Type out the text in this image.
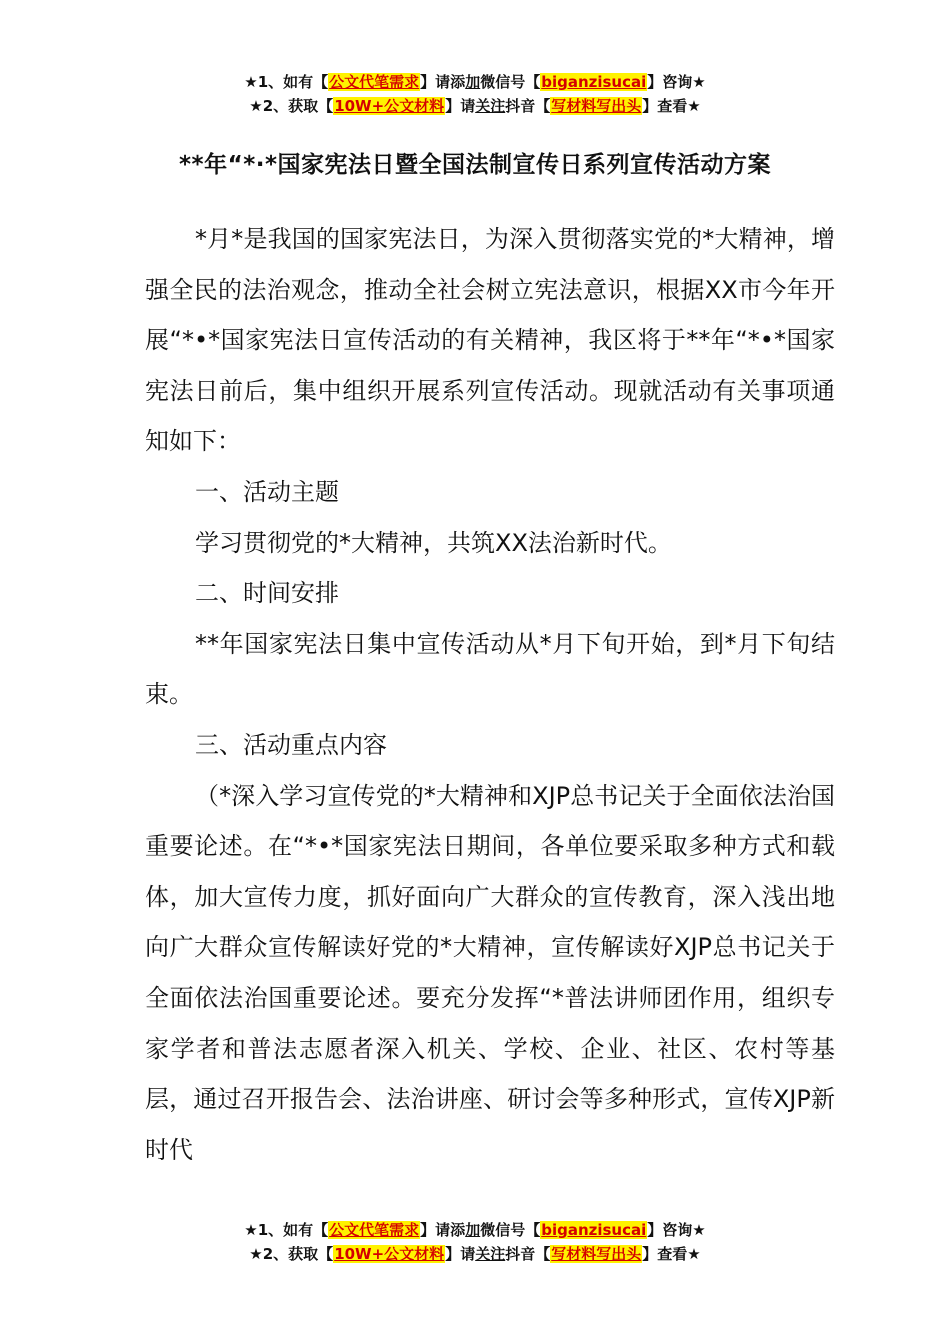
★1、如有【公文代笔需求】请添加微信号【biganzisucai】咨询★
★2、获取【10W+公文材料】请关注抖音【写材料写出头】查看★
**年“*·*国家宪法日暨全国法制宣传日系列宣传活动方案

*月*是我国的国家宪法日，为深入贯彻落实党的*大精神，增强全民的法治观念，推动全社会树立宪法意识，根据XX市今年开展“*•*国家宪法日宣传活动的有关精神，我区将于**年“*•*国家宪法日前后，集中组织开展系列宣传活动。现就活动有关事项通知如下：

一、活动主题

学习贯彻党的*大精神，共筑XX法治新时代。

二、时间安排

**年国家宪法日集中宣传活动从*月下旬开始，到*月下旬结束。

三、活动重点内容

（*深入学习宣传党的*大精神和XJP总书记关于全面依法治国重要论述。在“*•*国家宪法日期间，各单位要采取多种方式和载体，加大宣传力度，抓好面向广大群众的宣传教育，深入浅出地向广大群众宣传解读好党的*大精神，宣传解读好XJP总书记关于全面依法治国重要论述。要充分发挥“*普法讲师团作用，组织专家学者和普法志愿者深入机关、学校、企业、社区、农村等基层，通过召开报告会、法治讲座、研讨会等多种形式，宣传XJP新时代

★1、如有【公文代笔需求】请添加微信号【biganzisucai】咨询★
★2、获取【10W+公文材料】请关注抖音【写材料写出头】查看★
